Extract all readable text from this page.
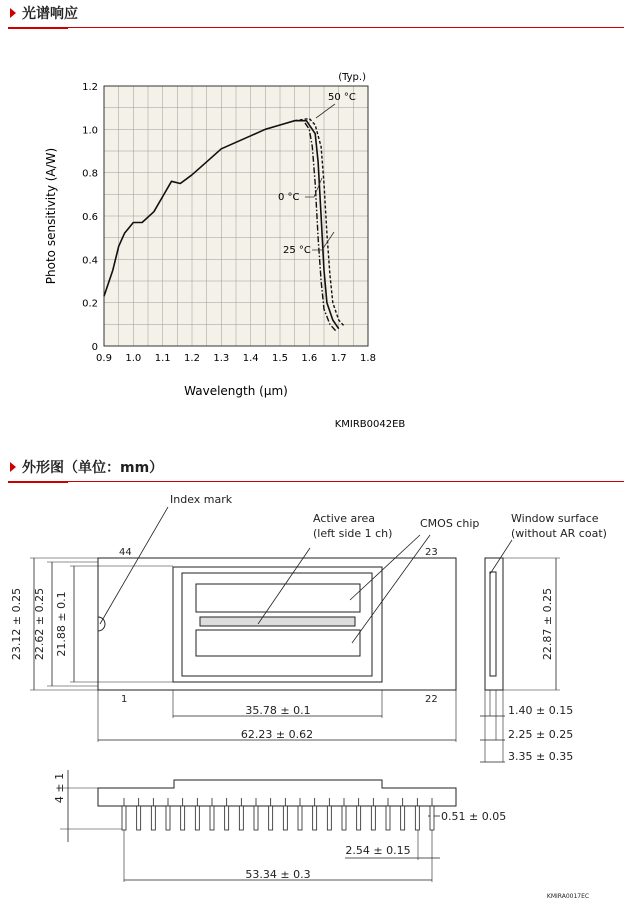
光谱响应
0.9 1.0 1.1 1.2 1.3 1.4 1.5 1.6 1.7 1.8
0
0.2
0.4
0.6
0.8
1.0
1.2
Wavelength (μm)
Photo sensitivity (A/W)
(Typ.)
50 °C
0 °C
25 °C
KMIRB0042EB
外形图（单位：mm）
Index mark
Active area
(left side 1 ch)
CMOS chip	Window surface
(without AR coat)
44	23
1	22
23.12 ± 0.25 22.62 ± 0.25 21.88 ± 0.1
35.78 ± 0.1
62.23 ± 0.62
22.87 ± 0.25
1.40 ± 0.15
2.25 ± 0.25
3.35 ± 0.35
4 ± 1
0.51 ± 0.05
2.54 ± 0.15
53.34 ± 0.3
KMIRA0017EC
